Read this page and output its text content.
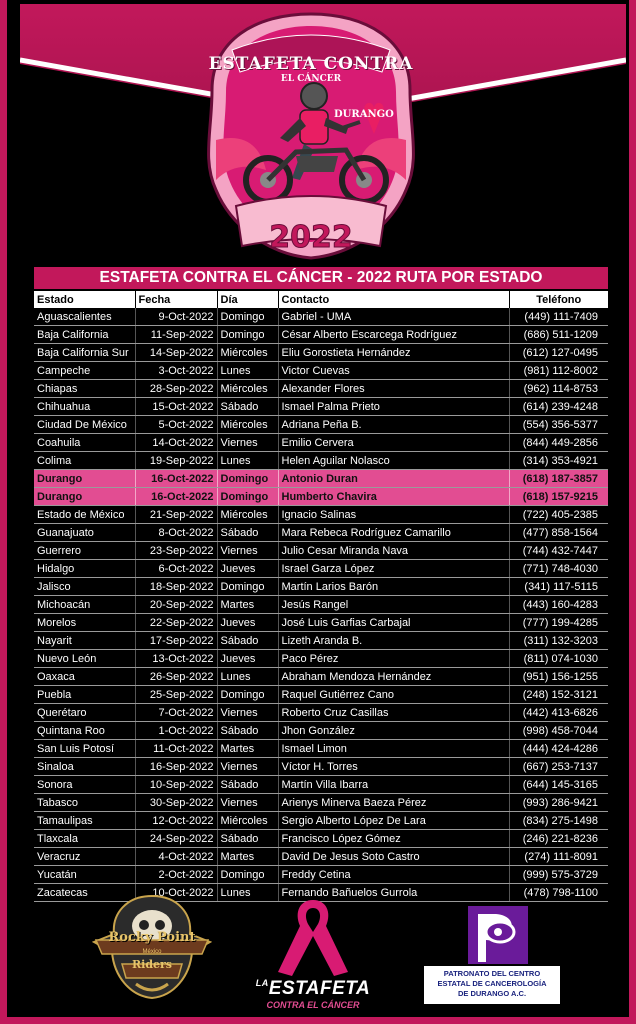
ESTAFETA CONTRA
EL CÁNCER
DURANGO
2022
ESTAFETA CONTRA EL CÁNCER - 2022 RUTA POR ESTADO
Estado	Fecha	Día	Contacto	Teléfono
Aguascalientes	9-Oct-2022	Domingo	Gabriel - UMA	(449) 111-7409
Baja California	11-Sep-2022	Domingo	César Alberto Escarcega Rodríguez	(686) 511-1209
Baja California Sur	14-Sep-2022	Miércoles	Eliu Gorostieta Hernández	(612) 127-0495
Campeche	3-Oct-2022	Lunes	Victor Cuevas	(981) 112-8002
Chiapas	28-Sep-2022	Miércoles	Alexander Flores	(962) 114-8753
Chihuahua	15-Oct-2022	Sábado	Ismael Palma Prieto	(614) 239-4248
Ciudad De México	5-Oct-2022	Miércoles	Adriana Peña B.	(554) 356-5377
Coahuila	14-Oct-2022	Viernes	Emilio Cervera	(844) 449-2856
Colima	19-Sep-2022	Lunes	Helen Aguilar Nolasco	(314) 353-4921
Durango	16-Oct-2022	Domingo	Antonio Duran	(618) 187-3857
Durango	16-Oct-2022	Domingo	Humberto Chavira	(618) 157-9215
Estado de México	21-Sep-2022	Miércoles	Ignacio Salinas	(722) 405-2385
Guanajuato	8-Oct-2022	Sábado	Mara Rebeca Rodríguez Camarillo	(477) 858-1564
Guerrero	23-Sep-2022	Viernes	Julio Cesar Miranda Nava	(744) 432-7447
Hidalgo	6-Oct-2022	Jueves	Israel Garza López	(771) 748-4030
Jalisco	18-Sep-2022	Domingo	Martín Larios Barón	(341) 117-5115
Michoacán	20-Sep-2022	Martes	Jesús Rangel	(443) 160-4283
Morelos	22-Sep-2022	Jueves	José Luis Garfias Carbajal	(777) 199-4285
Nayarit	17-Sep-2022	Sábado	Lizeth Aranda B.	(311) 132-3203
Nuevo León	13-Oct-2022	Jueves	Paco Pérez	(811) 074-1030
Oaxaca	26-Sep-2022	Lunes	Abraham Mendoza Hernández	(951) 156-1255
Puebla	25-Sep-2022	Domingo	Raquel Gutiérrez Cano	(248) 152-3121
Querétaro	7-Oct-2022	Viernes	Roberto Cruz Casillas	(442) 413-6826
Quintana Roo	1-Oct-2022	Sábado	Jhon González	(998) 458-7044
San Luis Potosí	11-Oct-2022	Martes	Ismael Limon	(444) 424-4286
Sinaloa	16-Sep-2022	Viernes	Víctor H. Torres	(667) 253-7137
Sonora	10-Sep-2022	Sábado	Martín Villa Ibarra	(644) 145-3165
Tabasco	30-Sep-2022	Viernes	Arienys Minerva Baeza Pérez	(993) 286-9421
Tamaulipas	12-Oct-2022	Miércoles	Sergio Alberto López De Lara	(834) 275-1498
Tlaxcala	24-Sep-2022	Sábado	Francisco López Gómez	(246) 221-8236
Veracruz	4-Oct-2022	Martes	David De Jesus Soto Castro	(274) 111-8091
Yucatán	2-Oct-2022	Domingo	Freddy Cetina	(999) 575-3729
Zacatecas	10-Oct-2022	Lunes	Fernando Bañuelos Gurrola	(478) 798-1100
Rocky Point
México
Riders
$^{LA}$ESTAFETA
CONTRA EL CÁNCER
PATRONATO DEL CENTRO
ESTATAL DE CANCEROLOGÍA
DE DURANGO A.C.
